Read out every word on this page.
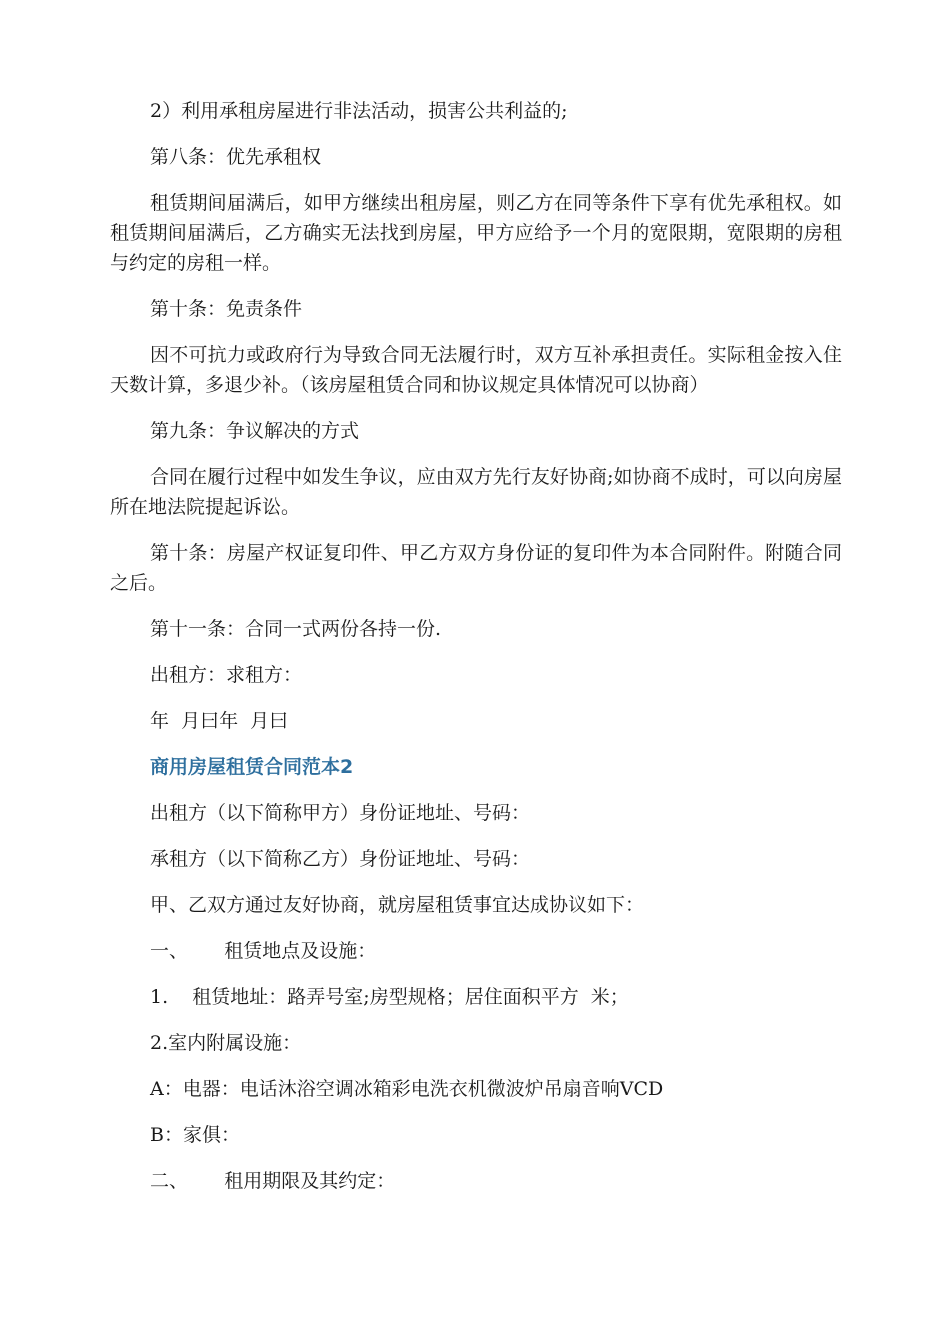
2）利用承租房屋进行非法活动，损害公共利益的;

第八条：优先承租权

租赁期间届满后，如甲方继续出租房屋，则乙方在同等条件下享有优先承租权。如租赁期间届满后，乙方确实无法找到房屋，甲方应给予一个月的宽限期，宽限期的房租与约定的房租一样。

第十条：免责条件

因不可抗力或政府行为导致合同无法履行时，双方互补承担责任。实际租金按入住天数计算，多退少补。（该房屋租赁合同和协议规定具体情况可以协商）

第九条：争议解决的方式

合同在履行过程中如发生争议，应由双方先行友好协商;如协商不成时，可以向房屋所在地法院提起诉讼。

第十条：房屋产权证复印件、甲乙方双方身份证的复印件为本合同附件。附随合同之后。

第十一条：合同一式两份各持一份.

出租方：求租方：

年  月曰年  月曰

商用房屋租赁合同范本2

出租方（以下简称甲方）身份证地址、号码：

承租方（以下简称乙方）身份证地址、号码：

甲、乙双方通过友好协商，就房屋租赁事宜达成协议如下：

一、      租赁地点及设施：

1.    租赁地址：路弄号室;房型规格；居住面积平方  米；

2.室内附属设施：

A：电器：电话沐浴空调冰箱彩电洗衣机微波炉吊扇音响VCD

B：家俱：

二、      租用期限及其约定：
